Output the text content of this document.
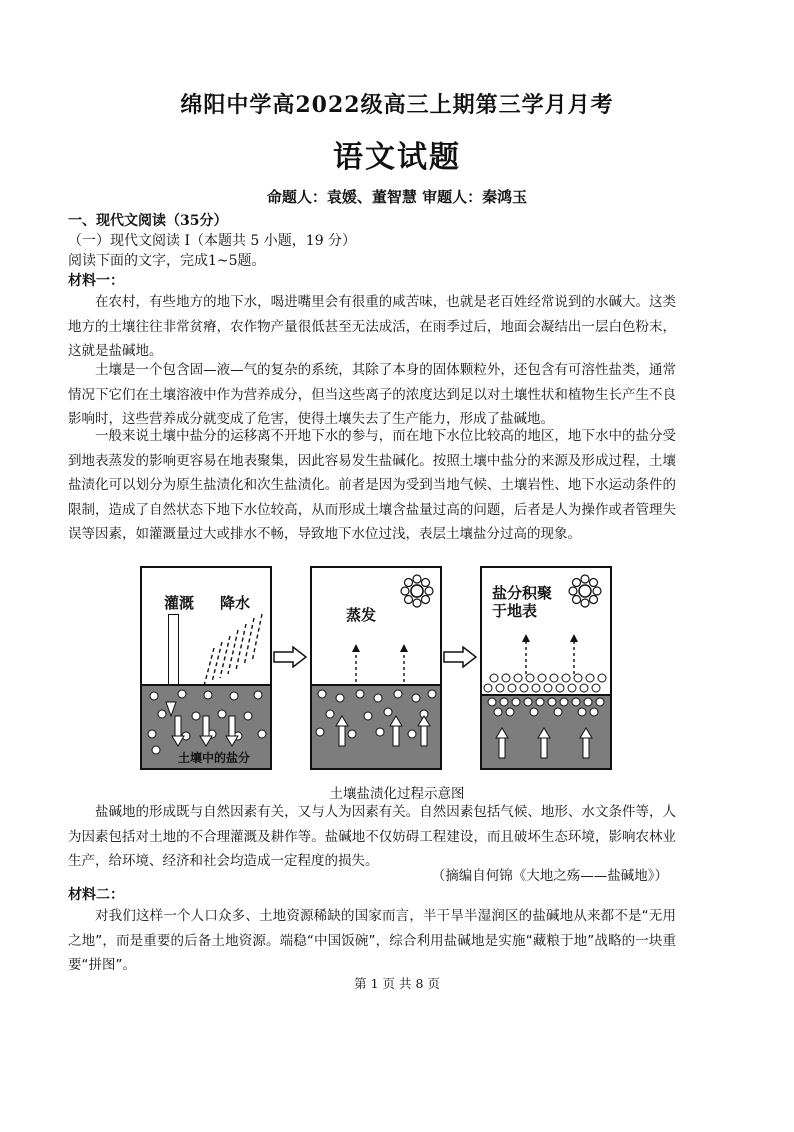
绵阳中学高2022级高三上期第三学月月考
语文试题
命题人：袁媛、董智慧 审题人：秦鸿玉
一、现代文阅读（35分）
（一）现代文阅读 I（本题共 5 小题，19 分）
阅读下面的文字，完成1~5题。
材料一：
在农村，有些地方的地下水，喝进嘴里会有很重的咸苦味，也就是老百姓经常说到的水碱大。这类地方的土壤往往非常贫瘠，农作物产量很低甚至无法成活，在雨季过后，地面会凝结出一层白色粉末，这就是盐碱地。
土壤是一个包含固—液—气的复杂的系统，其除了本身的固体颗粒外，还包含有可溶性盐类，通常情况下它们在土壤溶液中作为营养成分，但当这些离子的浓度达到足以对土壤性状和植物生长产生不良影响时，这些营养成分就变成了危害，使得土壤失去了生产能力，形成了盐碱地。
一般来说土壤中盐分的运移离不开地下水的参与，而在地下水位比较高的地区，地下水中的盐分受到地表蒸发的影响更容易在地表聚集，因此容易发生盐碱化。按照土壤中盐分的来源及形成过程，土壤盐渍化可以划分为原生盐渍化和次生盐渍化。前者是因为受到当地气候、土壤岩性、地下水运动条件的限制，造成了自然状态下地下水位较高，从而形成土壤含盐量过高的问题，后者是人为操作或者管理失误等因素，如灌溉量过大或排水不畅，导致地下水位过浅，表层土壤盐分过高的现象。
灌溉 降水
土壤中的盐分
蒸发
盐分积聚于地表
土壤盐渍化过程示意图
盐碱地的形成既与自然因素有关，又与人为因素有关。自然因素包括气候、地形、水文条件等，人为因素包括对土地的不合理灌溉及耕作等。盐碱地不仅妨碍工程建设，而且破坏生态环境，影响农林业生产，给环境、经济和社会均造成一定程度的损失。
（摘编自何锦《大地之殇——盐碱地》）
材料二：
对我们这样一个人口众多、土地资源稀缺的国家而言，半干旱半湿润区的盐碱地从来都不是“无用之地”，而是重要的后备土地资源。端稳“中国饭碗”，综合利用盐碱地是实施“藏粮于地”战略的一块重要“拼图”。
第 1 页 共 8 页
